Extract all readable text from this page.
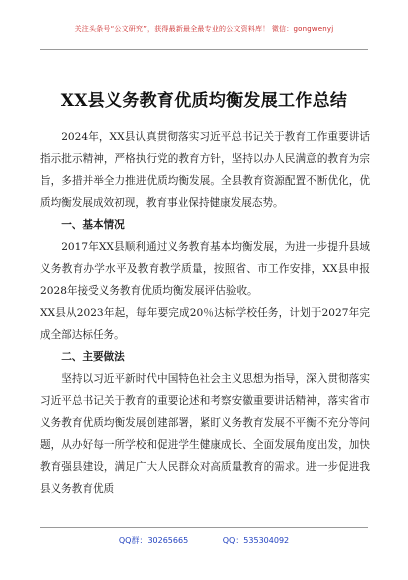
关注头条号“公文研究”，获得最新最全最专业的公文资料库！ 微信：gongwenyj
XX县义务教育优质均衡发展工作总结

2024年，XX县认真贯彻落实习近平总书记关于教育工作重要讲话指示批示精神，严格执行党的教育方针，坚持以办人民满意的教育为宗旨，多措并举全力推进优质均衡发展。全县教育资源配置不断优化，优质均衡发展成效初现，教育事业保持健康发展态势。

一、基本情况

2017年XX县顺利通过义务教育基本均衡发展，为进一步提升县域义务教育办学水平及教育教学质量，按照省、市工作安排，XX县申报2028年接受义务教育优质均衡发展评估验收。

XX县从2023年起，每年要完成20％达标学校任务，计划于2027年完成全部达标任务。

二、主要做法

坚持以习近平新时代中国特色社会主义思想为指导，深入贯彻落实习近平总书记关于教育的重要论述和考察安徽重要讲话精神，落实省市义务教育优质均衡发展创建部署，紧盯义务教育发展不平衡不充分等问题，从办好每一所学校和促进学生健康成长、全面发展角度出发，加快教育强县建设，满足广大人民群众对高质量教育的需求。进一步促进我县义务教育优质

QQ群：30265665	QQ：535304092
